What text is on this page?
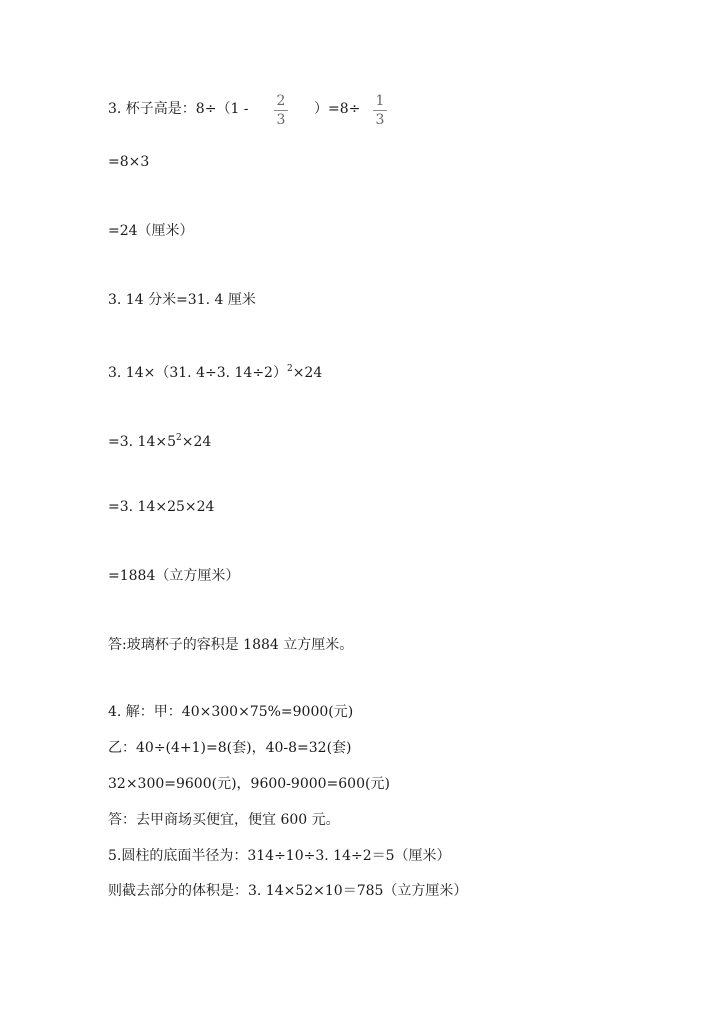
3. 杯子高是：8÷（1 - 2
3
）=8÷ 1
3
=8×3
=24（厘米）
3. 14 分米=31. 4 厘米
3. 14×（31. 4÷3. 14÷2）$^2$×24
=3. $14\times 5^2\times 24$
=3. 14×25×24
=1884（立方厘米）
答:玻璃杯子的容积是 1884 立方厘米。
4. 解：甲：40×300×75%=9000(元)
乙：40÷(4+1)=8(套)，40-8=32(套)
32×300=9600(元)，9600-9000=600(元)
答：去甲商场买便宜，便宜 600 元。
5.圆柱的底面半径为：314÷10÷3. 14÷2＝5（厘米）
则截去部分的体积是：3. 14×52×10＝785（立方厘米）
